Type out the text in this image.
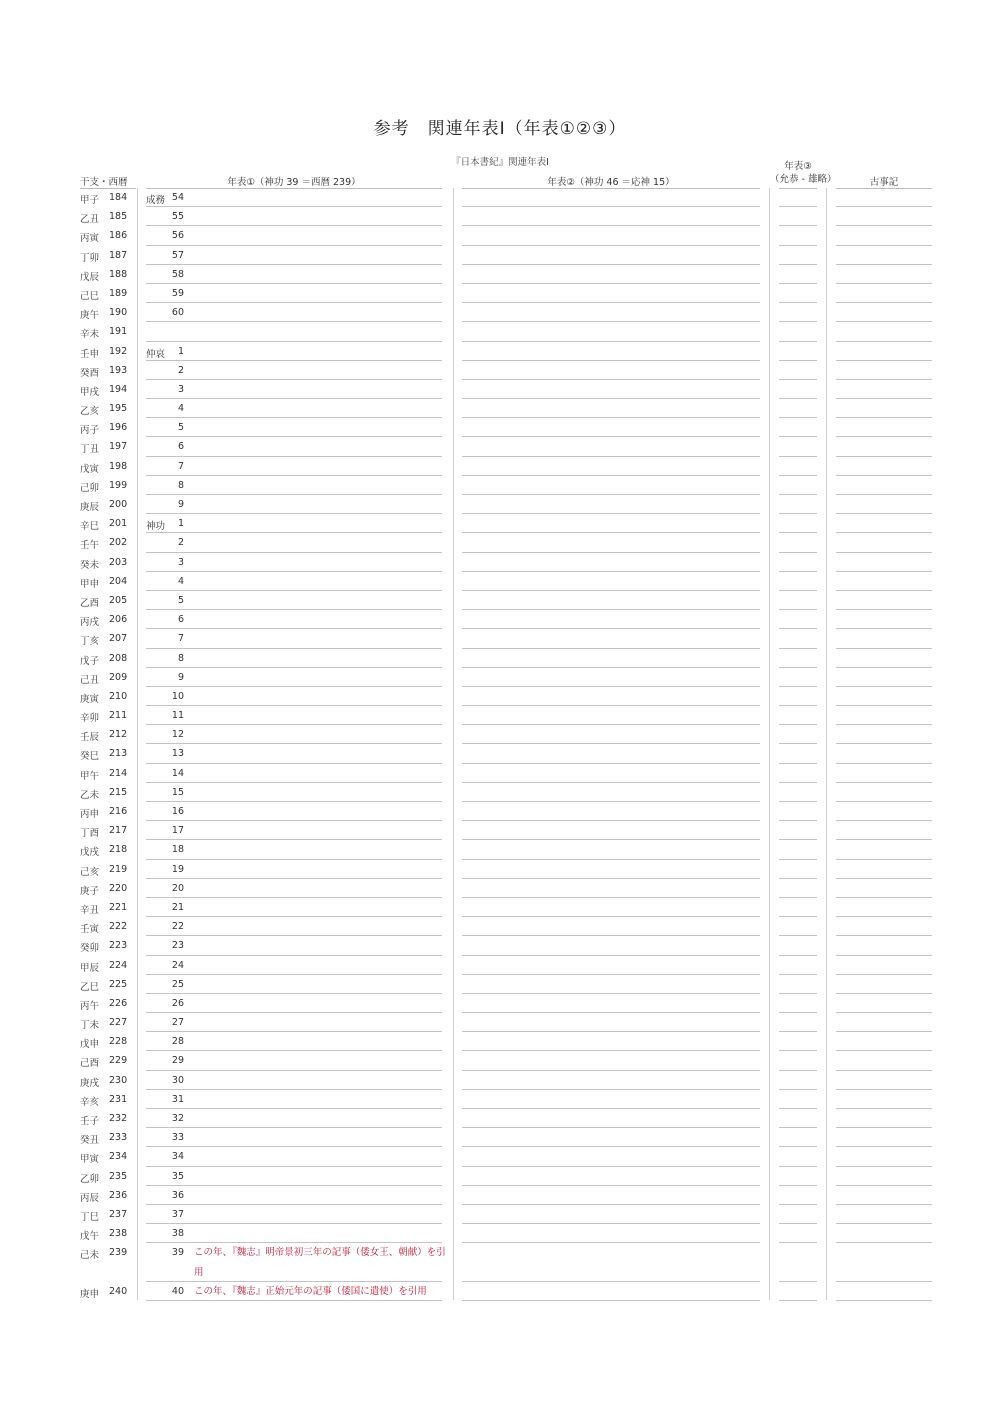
参考　関連年表Ⅰ（年表①②③）
『日本書紀』関連年表Ⅰ
干支・西暦	年表①（神功 39 ＝西暦 239）	年表②（神功 46 ＝応神 15）
年表③
（允恭 - 雄略）	古事記
甲子 184 成務 54
乙丑 185	55
丙寅 186	56
丁卯 187	57
戊辰 188	58
己巳 189	59
庚午 190	60
辛未 191
壬申 192 仲哀	1
癸酉 193	2
甲戌 194	3
乙亥 195	4
丙子 196	5
丁丑 197	6
戊寅 198	7
己卯 199	8
庚辰 200	9
辛巳 201 神功	1
壬午 202	2
癸未 203	3
甲申 204	4
乙酉 205	5
丙戌 206	6
丁亥 207	7
戊子 208	8
己丑 209	9
庚寅 210	10
辛卯 211	11
壬辰 212	12
癸巳 213	13
甲午 214	14
乙未 215	15
丙申 216	16
丁酉 217	17
戊戌 218	18
己亥 219	19
庚子 220	20
辛丑 221	21
壬寅 222	22
癸卯 223	23
甲辰 224	24
乙巳 225	25
丙午 226	26
丁未 227	27
戊申 228	28
己酉 229	29
庚戌 230	30
辛亥 231	31
壬子 232	32
癸丑 233	33
甲寅 234	34
乙卯 235	35
丙辰 236	36
丁巳 237	37
戊午 238	38
己未 239	39 この年、『魏志』明帝景初三年の記事（倭女王、朝献）を引用
庚申 240	40 この年、『魏志』正始元年の記事（倭国に遣使）を引用
